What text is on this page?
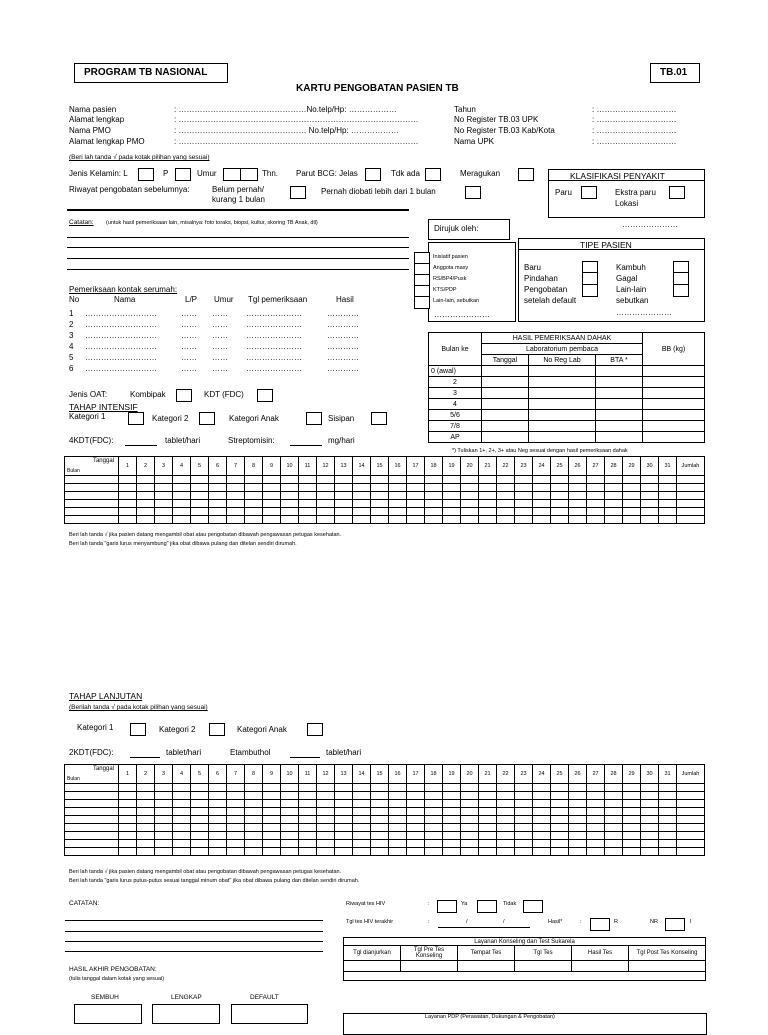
PROGRAM TB NASIONAL	TB.01
KARTU PENGOBATAN PASIEN TB
Nama pasien	: …………………………………………No.telp/Hp: ………………
Alamat lengkap	: ………………………………………………………………………………
Nama PMO	: ………………………………………… No.telp/Hp: ………………
Alamat lengkap PMO	: ………………………………………………………………………………
Tahun	: …………………………
No Register TB.03 UPK	: …………………………
No Register TB.03 Kab/Kota	: …………………………
Nama UPK	: …………………………
(Beri lah tanda √ pada kotak pilihan yang sesuai)
Jenis Kelamin: L	P	Umur	Thn. Parut BCG: Jelas	Tdk ada	Meragukan	KLASIFIKASI PENYAKIT
Paru	Ekstra paru
Lokasi
…………………
Riwayat pengobatan sebelumnya:	Belum pernah/
kurang 1 bulan
Pernah diobati lebih dari 1 bulan
Catatan: (untuk hasil pemeriksaan lain, misalnya: foto toraks, biopsi, kultur, skoring TB Anak, dll)
Dirujuk oleh:
Inisiatif pasien
Anggota masy
RS/BP4/Pusk
KTS/PDP
Lain-lain, sebutkan
…………………
TIPE PASIEN
Baru
Pindahan
Pengobatan
setelah default
Kambuh
Gagal
Lain-lain
sebutkan
…………………
Pemeriksaan kontak serumah:
No	Nama	L/P Umur Tgl pemeriksaan	Hasil
1 ………………………	…… …… …………………	…………
2 ………………………	…… …… …………………	…………
3 ………………………	…… …… …………………	…………
4 ………………………	…… …… …………………	…………
5 ………………………	…… …… …………………	…………
6 ………………………	…… …… …………………	…………
Bulan ke	HASIL PEMERIKSAAN DAHAK			BB (kg)
	Laboratorium pembaca			
	Tanggal	No Reg Lab	BTA *	
0 (awal)				
2				
3				
4				
5/6				
7/8				
AP				
*) Tuliskan 1+, 2+, 3+ atau Neg sesuai dengan hasil pemeriksaan dahak
Jenis OAT:	Kombipak	KDT (FDC)
TAHAP INTENSIF
Kategori 1	Kategori 2	Kategori Anak	Sisipan
4KDT(FDC):	tablet/hari	Streptomisin:	mg/hari
Tanggal
Bulan	1	2	3	4	5	6	7	8	9	10	11	12	13	14	15	16	17	18	19	20	21	22	23	24	25	26	27	28	29	30	31	Jumlah

Beri lah tanda √ jika pasien datang mengambil obat atau pengobatan dibawah pengawasan petugas kesehatan.
Beri lah tanda "garis lurus menyambung" jika obat dibawa pulang dan ditelan sendiri dirumah.
TAHAP LANJUTAN
(Berilah tanda √ pada kotak pilihan yang sesuai)
Kategori 1	Kategori 2	Kategori Anak
2KDT(FDC):	tablet/hari	Etambuthol	tablet/hari
Tanggal
Bulan	1	2	3	4	5	6	7	8	9	10	11	12	13	14	15	16	17	18	19	20	21	22	23	24	25	26	27	28	29	30	31	Jumlah

Beri lah tanda √ jika pasien datang mengambil obat atau pengobatan dibawah pengawasan petugas kesehatan.
Beri lah tanda "garis lurus putus-putus sesuai tanggal minum obat" jika obat dibawa pulang dan ditelan sendiri dirumah.
CATATAN:
HASIL AKHIR PENGOBATAN:
(tulis tanggal dalam kotak yang sesuai)
SEMBUH	LENGKAP	DEFAULT
Riwayat tes HIV	:	Ya	Tidak
Tgl tes HIV terakhir	:	/	/	Hasil*	:	R	NR	I
Layanan Konseling dan Test Sukarela					
Tgl dianjurkan	Tgl Pre Tes Konseling	Tempat Tes	Tgl Tes	Hasil Tes	Tgl Post Tes Konseling

Layanan PDP (Perawatan, Dukungan & Pengobatan)
